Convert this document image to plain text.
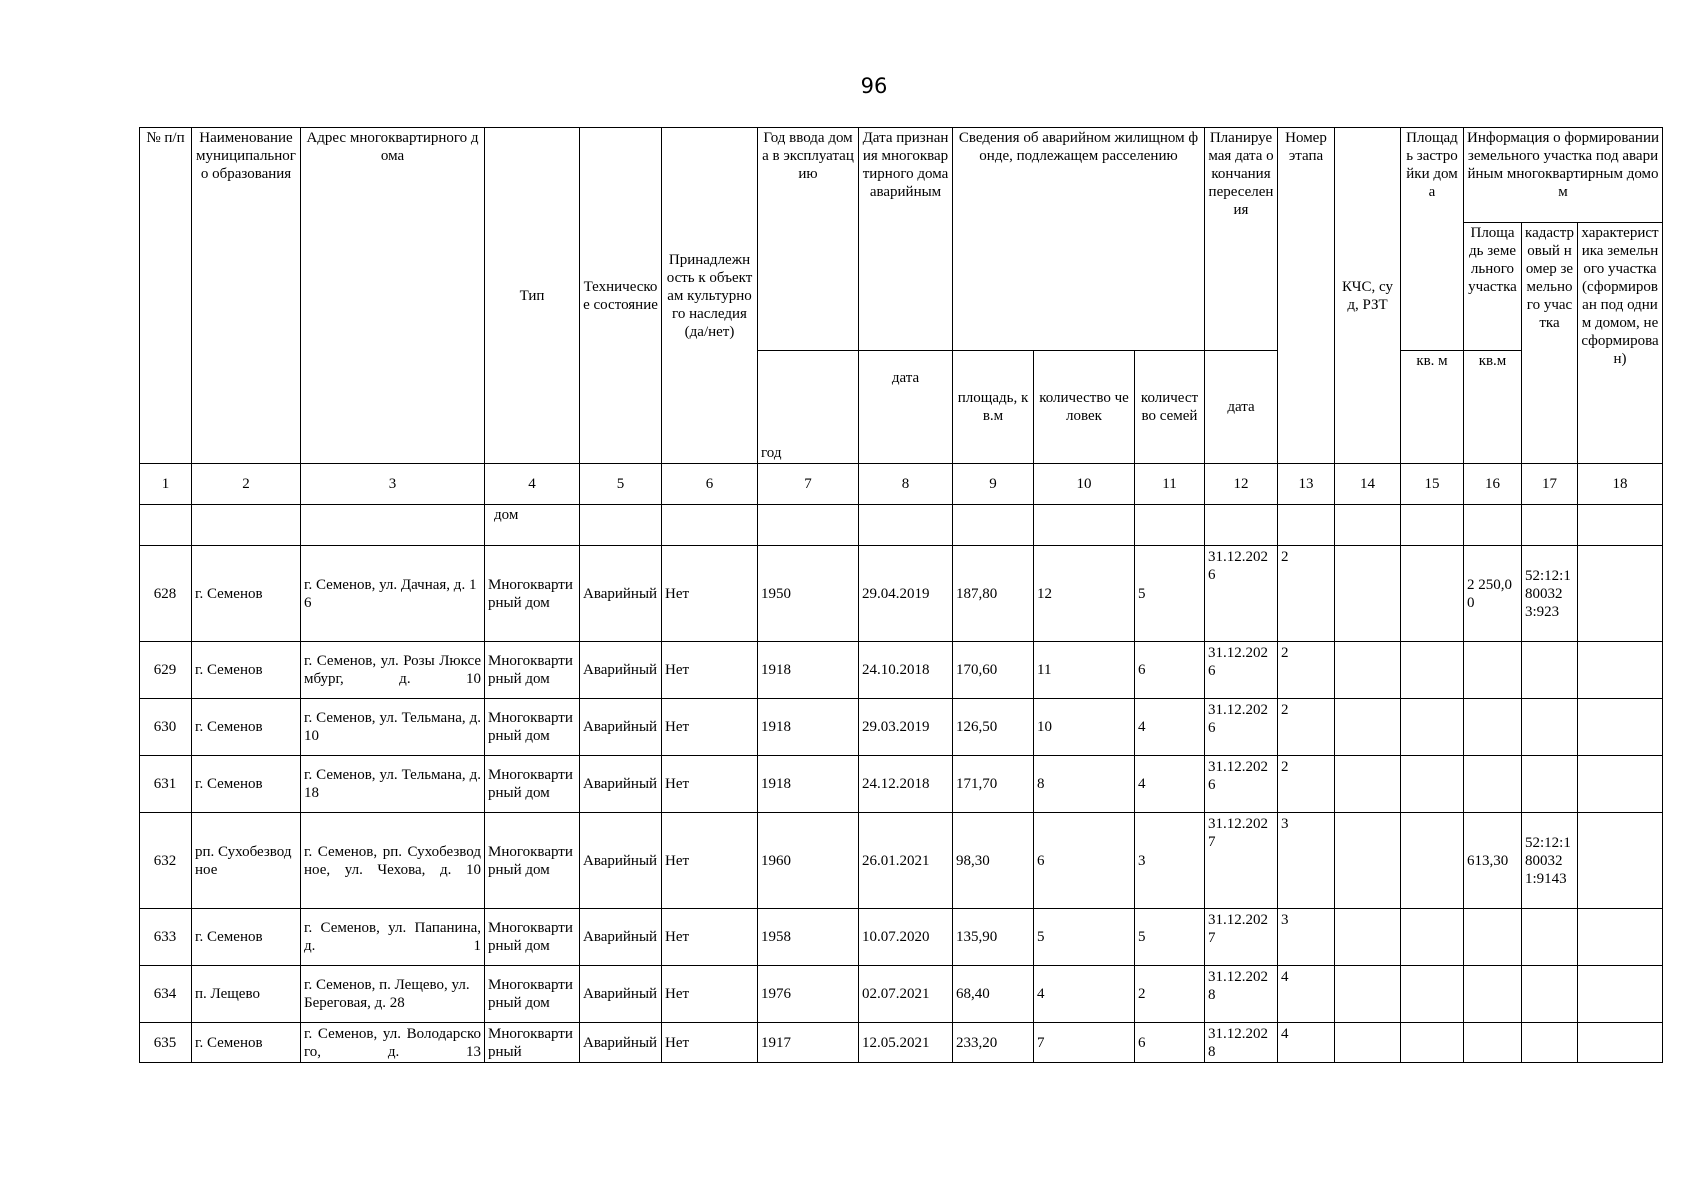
96
№ п/п	Наименование муниципального образования	Адрес многоквартирного дома	Тип	Техническое состояние	Принадлежность к объектам культурного наследия (да/нет)	Год ввода дома в эксплуатацию	Дата признания многоквартирного дома аварийным	Сведения об аварийном жилищном фонде, подлежащем расселению			Планируемая дата окончания переселения	Номер этапа	КЧС, суд, РЗТ	Площадь застройки дома	Информация о формировании земельного участка под аварийным многоквартирным домом		
															Площадь земельного участка	кадастровый номер земельного участка	характеристика земельного участка (сформирован под одним домом, не сформирован)
						год	дата	площадь, кв.м	количество человек	количество семей	дата			кв. м	кв.м		
1	2	3	4	5	6	7	8	9	10	11	12	13	14	15	16	17	18
			дом														
628	г. Семенов	г. Семенов, ул. Дачная, д. 16	Многоквартирный дом	Аварийный	Нет	1950	29.04.2019	187,80	12	5	31.12.2026	2			2 250,00	52:12:180032 3:923	
629	г. Семенов	г. Семенов, ул. Розы Люксембург, д. 10	Многоквартирный дом	Аварийный	Нет	1918	24.10.2018	170,60	11	6	31.12.2026	2					
630	г. Семенов	г. Семенов, ул. Тельмана, д. 10	Многоквартирный дом	Аварийный	Нет	1918	29.03.2019	126,50	10	4	31.12.2026	2					
631	г. Семенов	г. Семенов, ул. Тельмана, д. 18	Многоквартирный дом	Аварийный	Нет	1918	24.12.2018	171,70	8	4	31.12.2026	2					
632	рп. Сухобезводное	г. Семенов, рп. Сухобезводное, ул. Чехова, д. 10	Многоквартирный дом	Аварийный	Нет	1960	26.01.2021	98,30	6	3	31.12.2027	3			613,30	52:12:180032 1:9143	
633	г. Семенов	г. Семенов, ул. Папанина, д. 1	Многоквартирный дом	Аварийный	Нет	1958	10.07.2020	135,90	5	5	31.12.2027	3					
634	п. Лещево	г. Семенов, п. Лещево, ул. Береговая, д. 28	Многоквартирный дом	Аварийный	Нет	1976	02.07.2021	68,40	4	2	31.12.2028	4					
635	г. Семенов	г. Семенов, ул. Володарского, д. 13	Многоквартирный	Аварийный	Нет	1917	12.05.2021	233,20	7	6	31.12.2028	4					
